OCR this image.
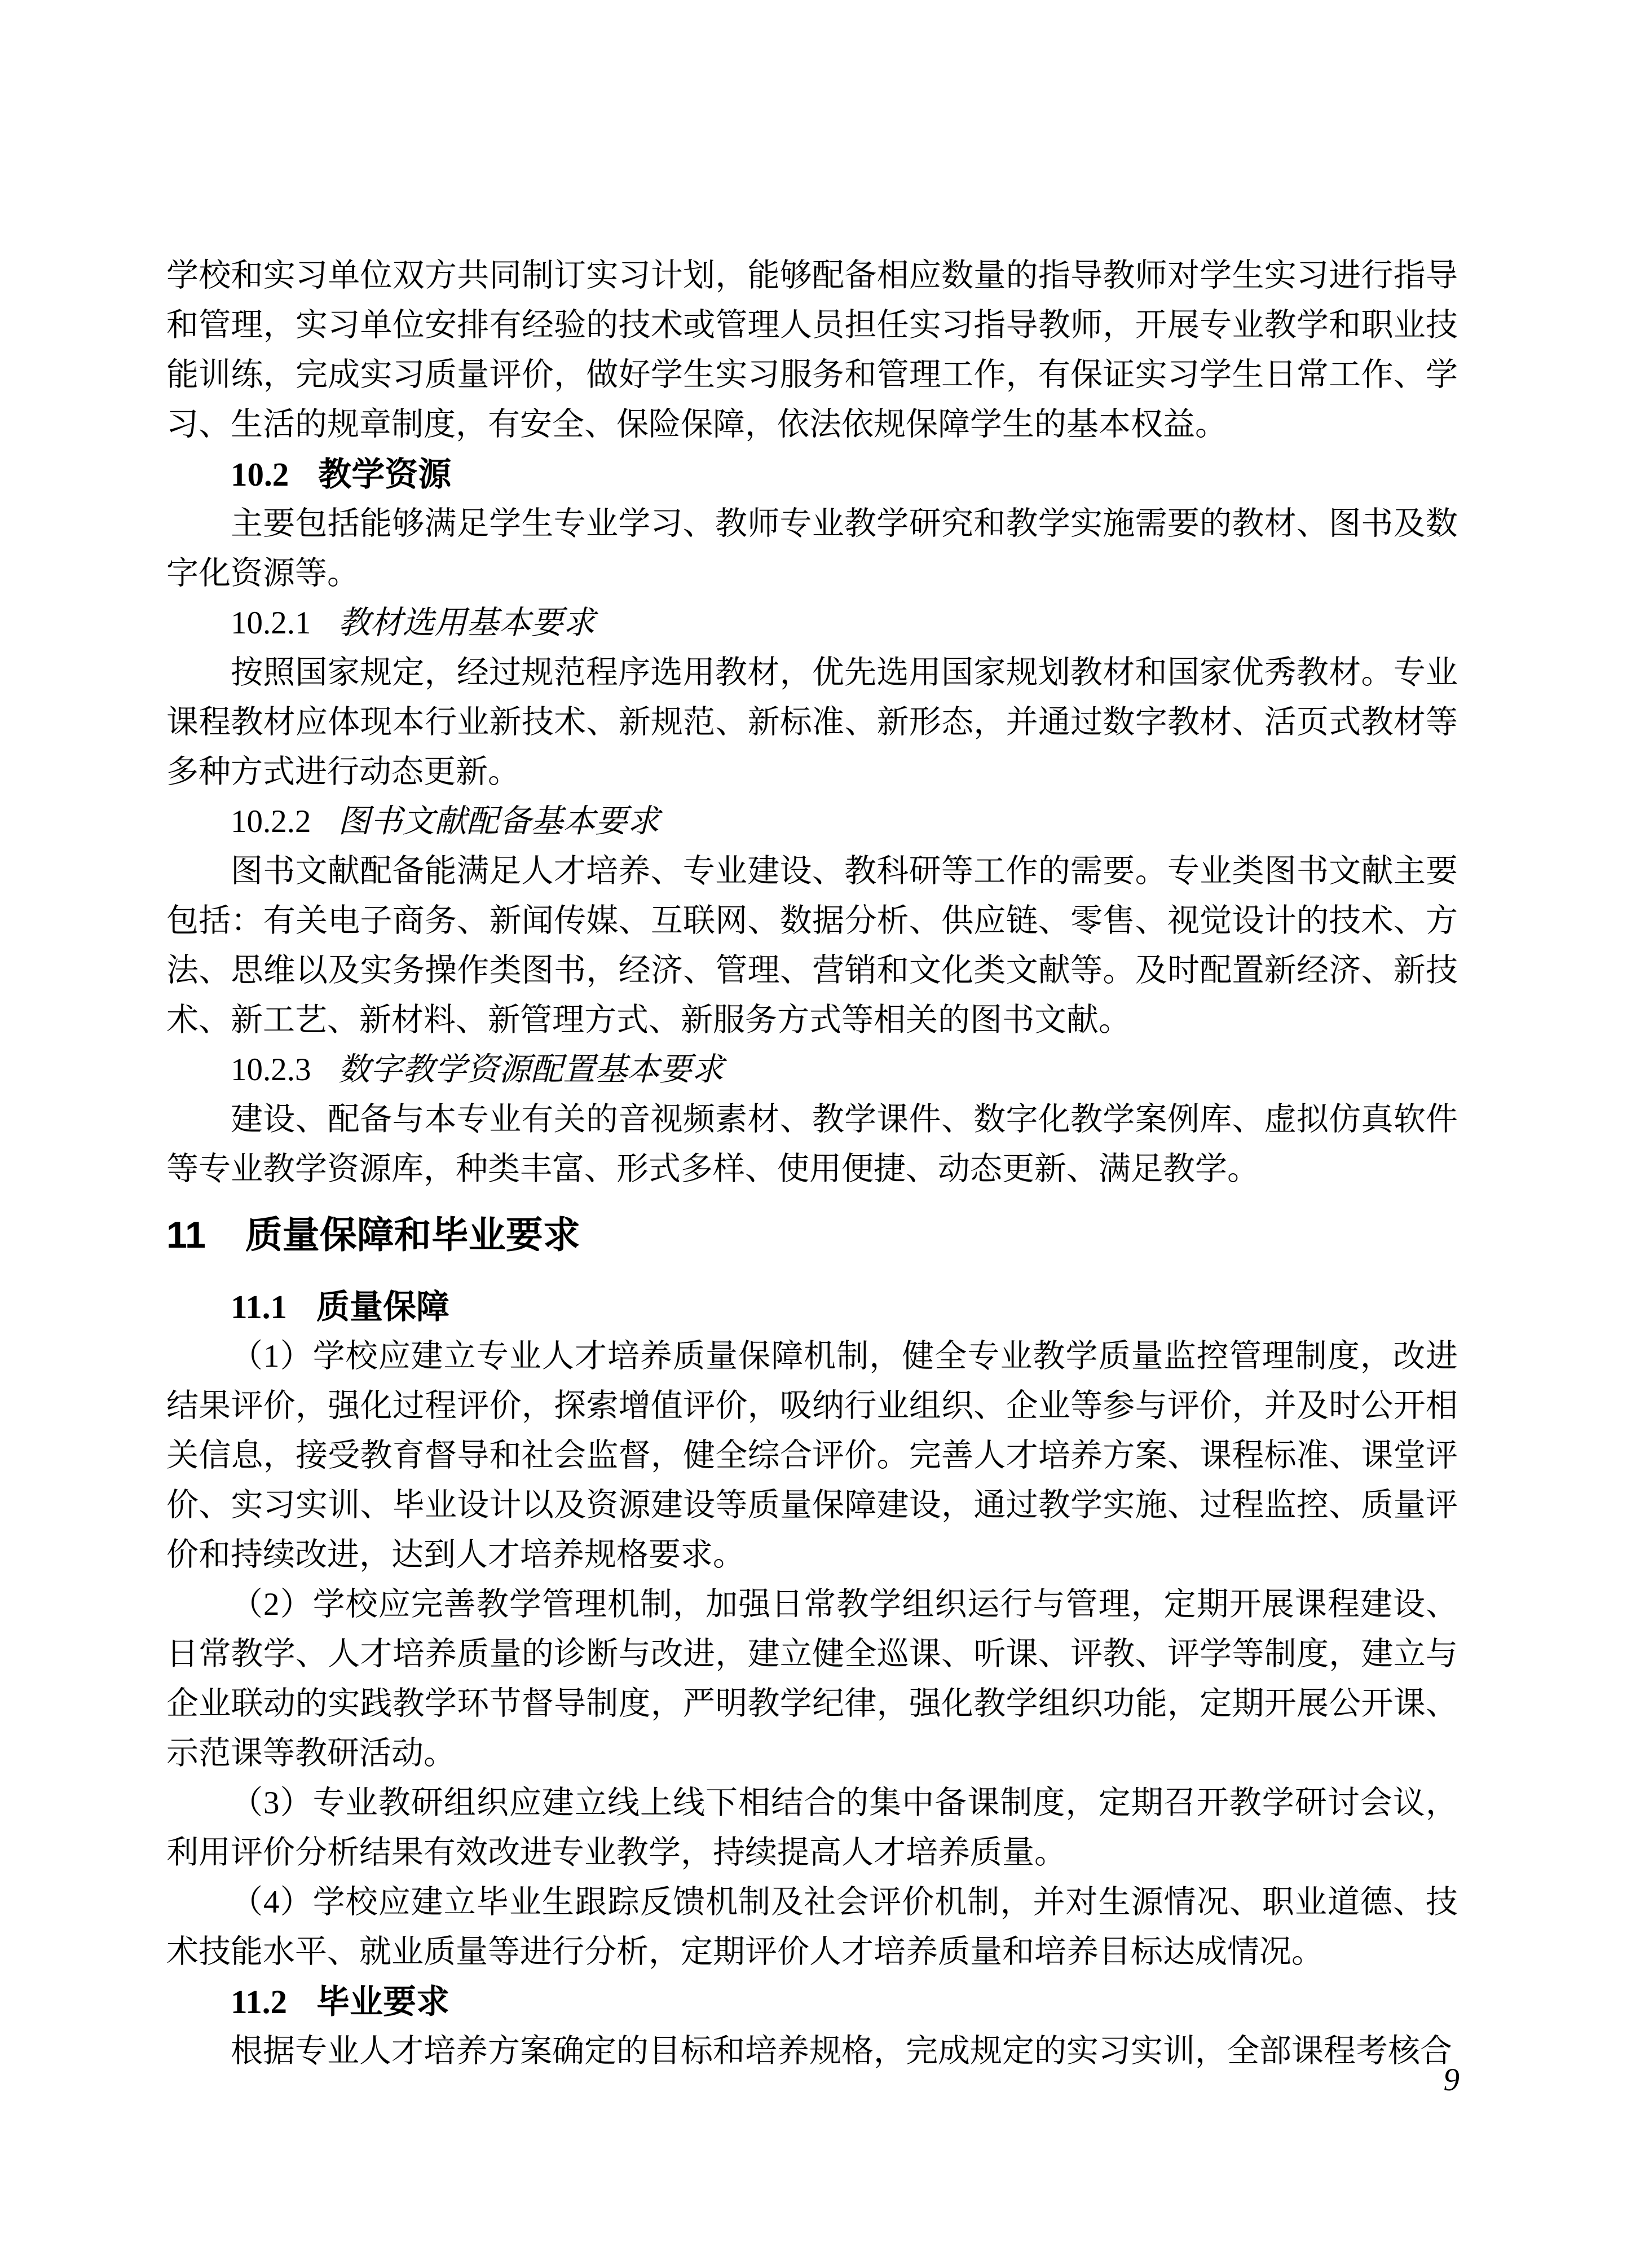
学校和实习单位双方共同制订实习计划，能够配备相应数量的指导教师对学生实习进行指导和管理，实习单位安排有经验的技术或管理人员担任实习指导教师，开展专业教学和职业技能训练，完成实习质量评价，做好学生实习服务和管理工作，有保证实习学生日常工作、学习、生活的规章制度，有安全、保险保障，依法依规保障学生的基本权益。

10.2 教学资源

主要包括能够满足学生专业学习、教师专业教学研究和教学实施需要的教材、图书及数字化资源等。

10.2.1 教材选用基本要求

按照国家规定，经过规范程序选用教材，优先选用国家规划教材和国家优秀教材。专业课程教材应体现本行业新技术、新规范、新标准、新形态，并通过数字教材、活页式教材等多种方式进行动态更新。

10.2.2 图书文献配备基本要求

图书文献配备能满足人才培养、专业建设、教科研等工作的需要。专业类图书文献主要包括：有关电子商务、新闻传媒、互联网、数据分析、供应链、零售、视觉设计的技术、方法、思维以及实务操作类图书，经济、管理、营销和文化类文献等。及时配置新经济、新技术、新工艺、新材料、新管理方式、新服务方式等相关的图书文献。

10.2.3 数字教学资源配置基本要求

建设、配备与本专业有关的音视频素材、教学课件、数字化教学案例库、虚拟仿真软件等专业教学资源库，种类丰富、形式多样、使用便捷、动态更新、满足教学。

11 质量保障和毕业要求
11.1 质量保障

（1）学校应建立专业人才培养质量保障机制，健全专业教学质量监控管理制度，改进结果评价，强化过程评价，探索增值评价，吸纳行业组织、企业等参与评价，并及时公开相关信息，接受教育督导和社会监督，健全综合评价。完善人才培养方案、课程标准、课堂评价、实习实训、毕业设计以及资源建设等质量保障建设，通过教学实施、过程监控、质量评价和持续改进，达到人才培养规格要求。

（2）学校应完善教学管理机制，加强日常教学组织运行与管理，定期开展课程建设、日常教学、人才培养质量的诊断与改进，建立健全巡课、听课、评教、评学等制度，建立与企业联动的实践教学环节督导制度，严明教学纪律，强化教学组织功能，定期开展公开课、示范课等教研活动。

（3）专业教研组织应建立线上线下相结合的集中备课制度，定期召开教学研讨会议，利用评价分析结果有效改进专业教学，持续提高人才培养质量。

（4）学校应建立毕业生跟踪反馈机制及社会评价机制，并对生源情况、职业道德、技术技能水平、就业质量等进行分析，定期评价人才培养质量和培养目标达成情况。

11.2 毕业要求

根据专业人才培养方案确定的目标和培养规格，完成规定的实习实训，全部课程考核合

9
